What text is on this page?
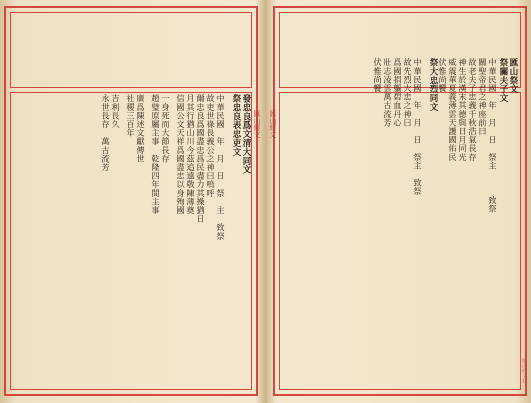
匯山經文
發忠良爲文清大同文
祭忠良表忠吏文
中華民國　年　月　日　祭　主　致祭
故吏世祿長義公之神曰嗚呼
爾忠良爲國盡忠爲民盡力其操猶日
月其行猶山川今茲追遠敬陳薄奠
信國公文天祥爲國盡忠以身殉國
一身死而大節長存
趙璧原屬主事　乾隆四年間主事
廣爲陳述文獻傳世
社稷三百年
吉利長久
永世長存　萬古流芳	匯山經文
匯山經文社
匯山祭文
祭關夫子文
中華民國　年　月　日　祭主　　　致祭
關聖帝君之神座前曰
故老夫子忠義千秋浩氣長存
神生於漢末其德與日月同光
威震華夏義薄雲天護國佑民
伏惟尚饗
祭大忠烈同文
中華民國　年　月　日　祭主　致祭
故先烈大忠之神曰
爲國捐軀碧血丹心
壯志凌雲萬古流芳
伏惟尚饗
